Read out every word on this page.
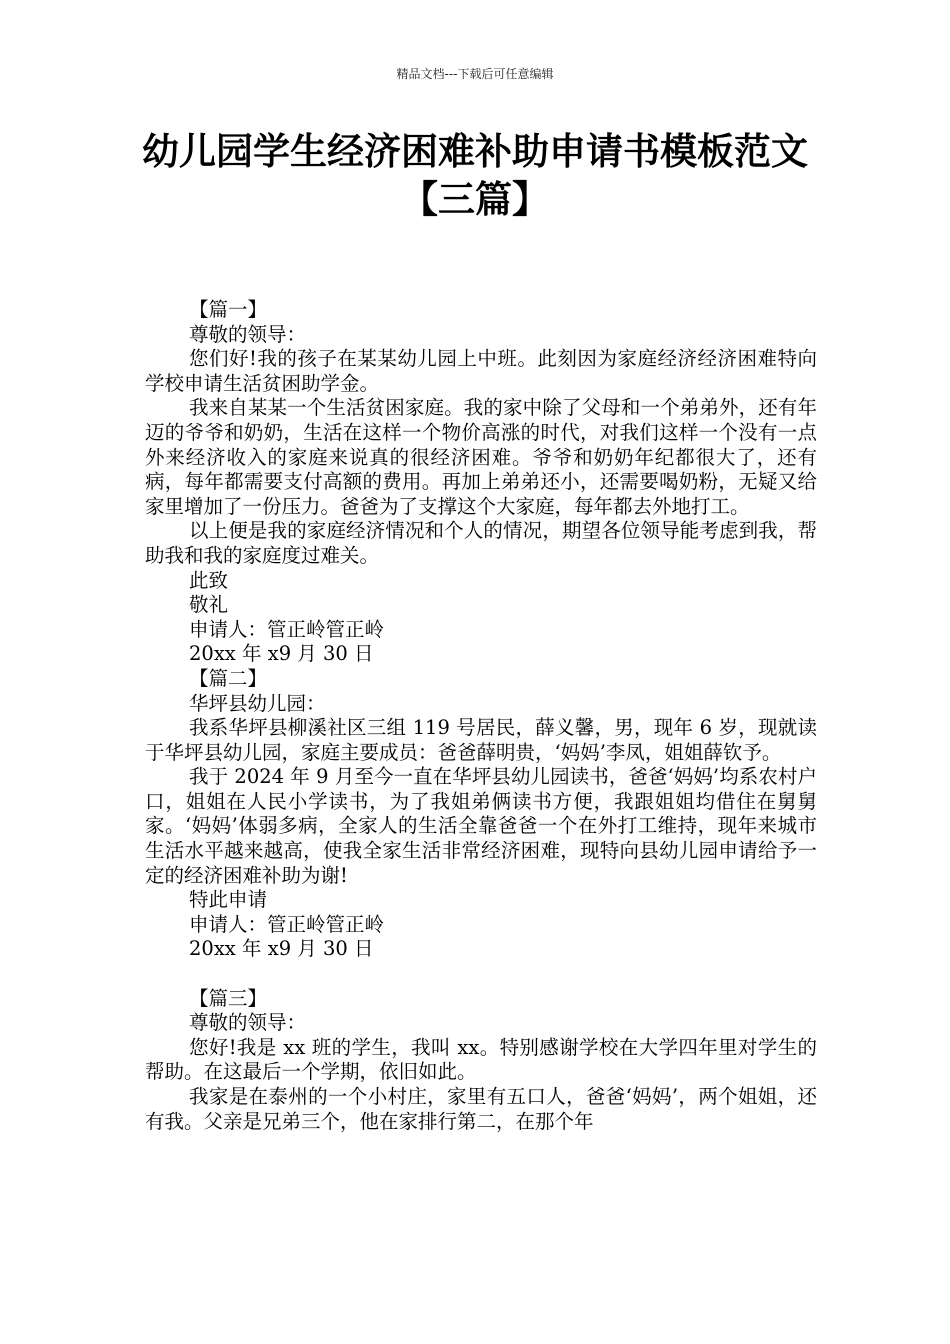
精品文档---下载后可任意编辑
幼儿园学生经济困难补助申请书模板范文【三篇】

【篇一】

尊敬的领导：

您们好!我的孩子在某某幼儿园上中班。此刻因为家庭经济经济困难特向学校申请生活贫困助学金。

我来自某某一个生活贫困家庭。我的家中除了父母和一个弟弟外，还有年迈的爷爷和奶奶，生活在这样一个物价高涨的时代，对我们这样一个没有一点外来经济收入的家庭来说真的很经济困难。爷爷和奶奶年纪都很大了，还有病，每年都需要支付高额的费用。再加上弟弟还小，还需要喝奶粉，无疑又给家里增加了一份压力。爸爸为了支撑这个大家庭，每年都去外地打工。

以上便是我的家庭经济情况和个人的情况，期望各位领导能考虑到我，帮助我和我的家庭度过难关。

此致

敬礼

申请人：管正岭管正岭

20xx 年 x9 月 30 日

【篇二】

华坪县幼儿园：

我系华坪县柳溪社区三组 119 号居民，薛义馨，男，现年 6 岁，现就读于华坪县幼儿园，家庭主要成员：爸爸薛明贵，‘妈妈’李凤，姐姐薛钦予。

我于 2024 年 9 月至今一直在华坪县幼儿园读书，爸爸‘妈妈’均系农村户口，姐姐在人民小学读书，为了我姐弟俩读书方便，我跟姐姐均借住在舅舅家。‘妈妈’体弱多病，全家人的生活全靠爸爸一个在外打工维持，现年来城市生活水平越来越高，使我全家生活非常经济困难，现特向县幼儿园申请给予一定的经济困难补助为谢!

特此申请

申请人：管正岭管正岭

20xx 年 x9 月 30 日

【篇三】

尊敬的领导：

您好!我是 xx 班的学生，我叫 xx。特别感谢学校在大学四年里对学生的帮助。在这最后一个学期，依旧如此。

我家是在泰州的一个小村庄，家里有五口人，爸爸‘妈妈’，两个姐姐，还有我。父亲是兄弟三个，他在家排行第二，在那个年
